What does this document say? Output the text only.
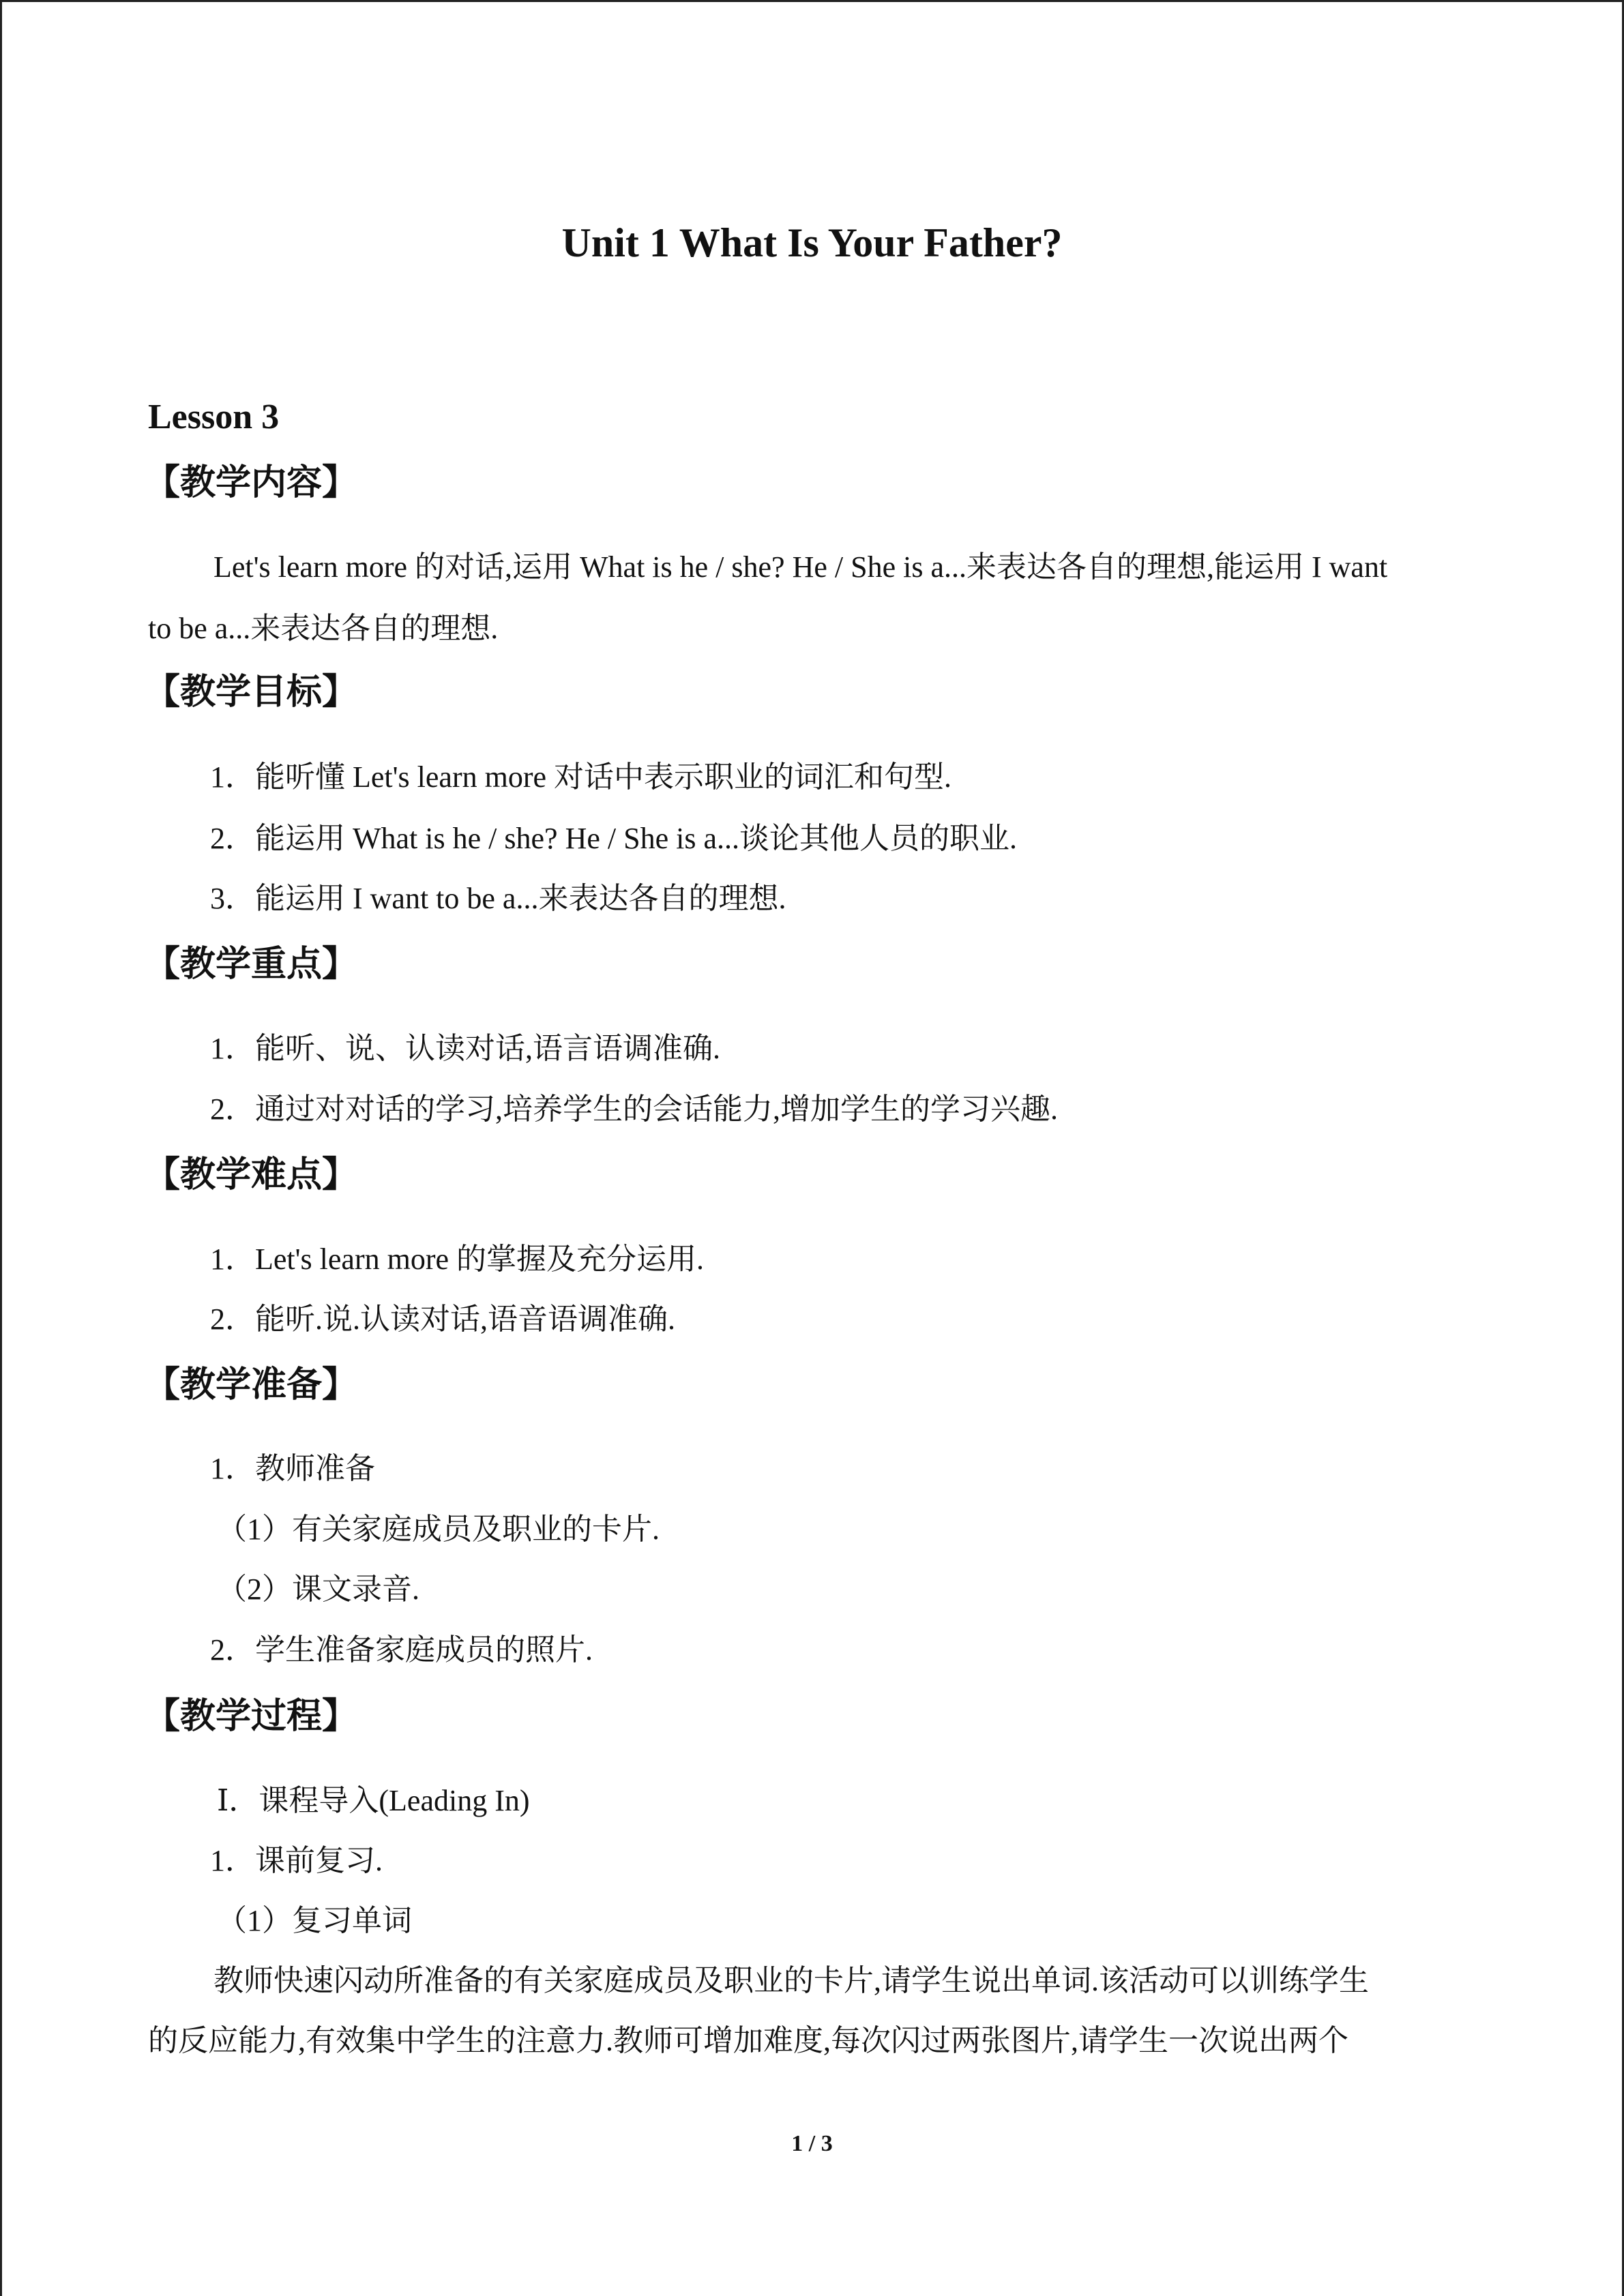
Unit 1 What Is Your Father?
Lesson 3
【教学内容】

Let's learn more 的对话,运用 What is he / she? He / She is a...来表达各自的理想,能运用 I want

to be a...来表达各自的理想.

【教学目标】

1．能听懂 Let's learn more 对话中表示职业的词汇和句型.

2．能运用 What is he / she? He / She is a...谈论其他人员的职业.

3．能运用 I want to be a...来表达各自的理想.

【教学重点】

1．能听、说、认读对话,语言语调准确.

2．通过对对话的学习,培养学生的会话能力,增加学生的学习兴趣.

【教学难点】

1．Let's learn more 的掌握及充分运用.

2．能听.说.认读对话,语音语调准确.

【教学准备】

1．教师准备

（1）有关家庭成员及职业的卡片.

（2）课文录音.

2．学生准备家庭成员的照片.

【教学过程】

Ⅰ．课程导入(Leading In)

1．课前复习.

（1）复习单词

教师快速闪动所准备的有关家庭成员及职业的卡片,请学生说出单词.该活动可以训练学生

的反应能力,有效集中学生的注意力.教师可增加难度,每次闪过两张图片,请学生一次说出两个

1 / 3
